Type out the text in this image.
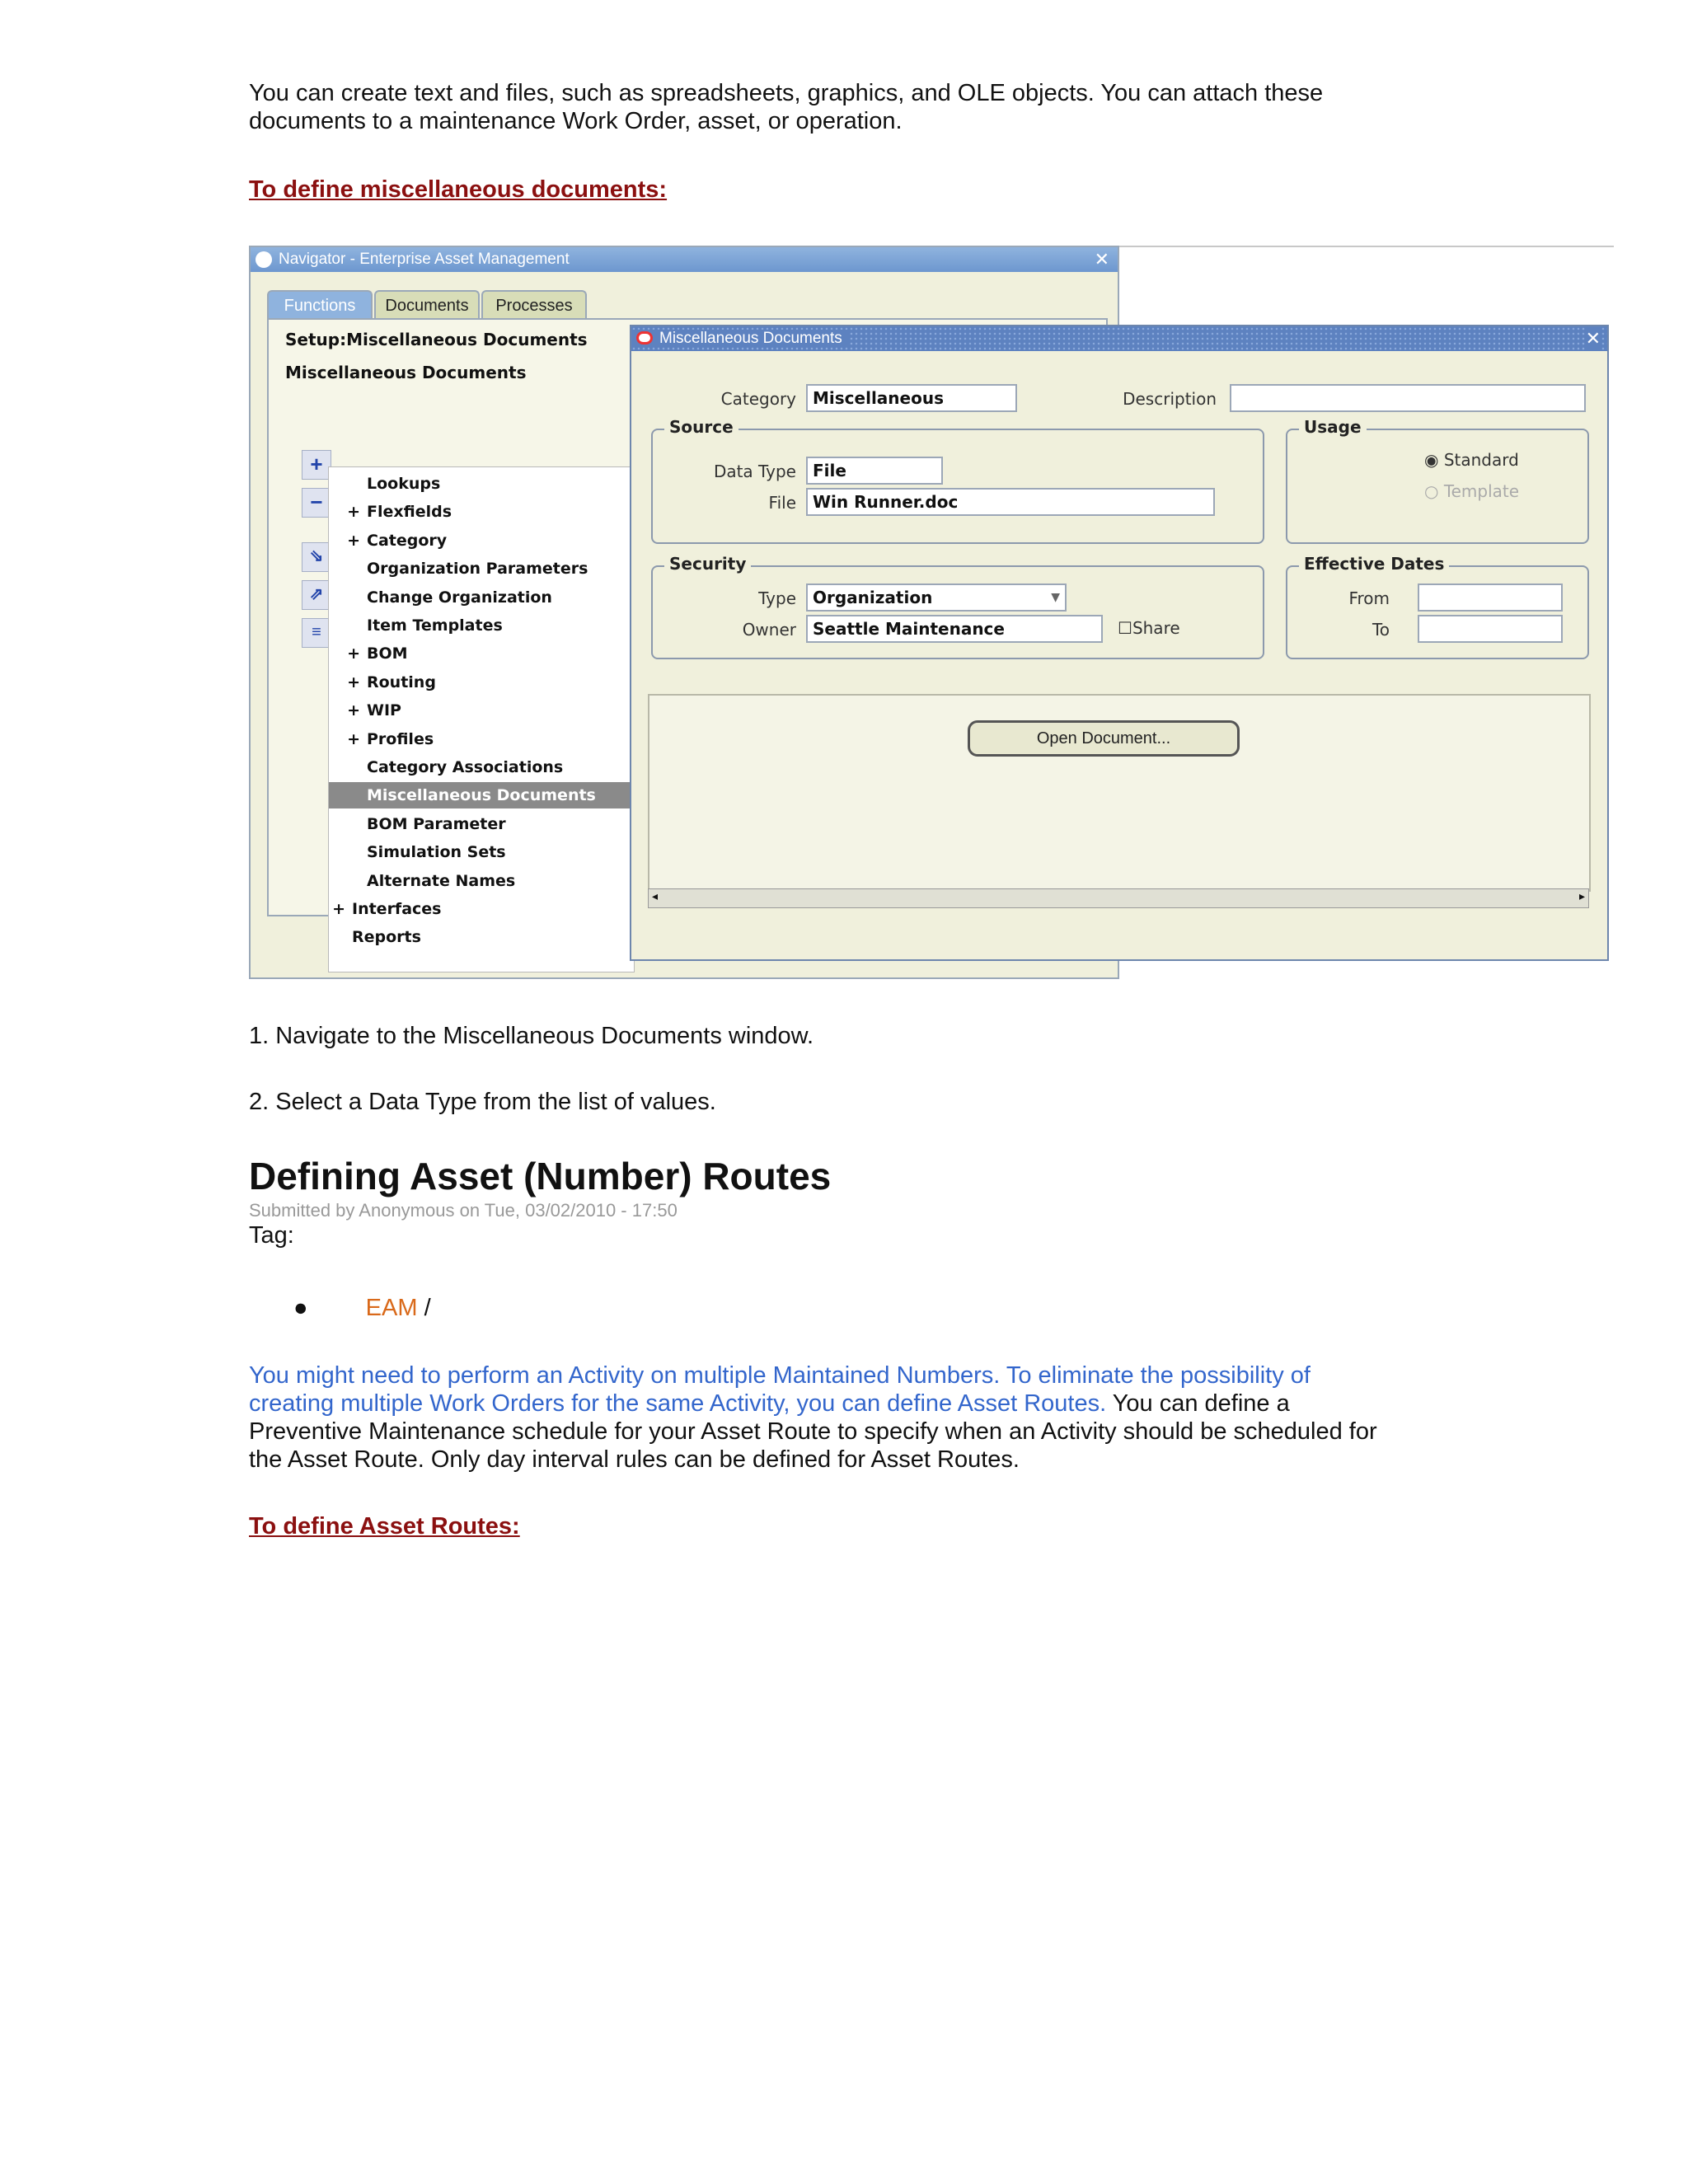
You can create text and files, such as spreadsheets, graphics, and OLE objects. You can attach these
documents to a maintenance Work Order, asset, or operation.
To define miscellaneous documents:
Navigator - Enterprise Asset Management	✕
Functions	Documents	Processes
Setup:Miscellaneous Documents
Miscellaneous Documents
+
−
⇘
⇗
≡
Lookups
+ Flexfields
+ Category
Organization Parameters
Change Organization
Item Templates
+ BOM
+ Routing
+ WIP
+ Profiles
Category Associations
Miscellaneous Documents
BOM Parameter
Simulation Sets
Alternate Names
+ Interfaces
Reports
Miscellaneous Documents	✕
Category	Miscellaneous	Description
Source
Data Type	File
File	Win Runner.doc
Usage
◉ Standard
○ Template
Security
Type	Organization	▼
Owner	Seattle Maintenance	☐Share
Effective Dates
From
To
Open Document...
◂	▸
1. Navigate to the Miscellaneous Documents window.
2. Select a Data Type from the list of values.
Defining Asset (Number) Routes
Submitted by Anonymous on Tue, 03/02/2010 - 17:50
Tag:
● EAM /
You might need to perform an Activity on multiple Maintained Numbers. To eliminate the possibility of
creating multiple Work Orders for the same Activity, you can define Asset Routes. You can define a
Preventive Maintenance schedule for your Asset Route to specify when an Activity should be scheduled for
the Asset Route. Only day interval rules can be defined for Asset Routes.
To define Asset Routes:
